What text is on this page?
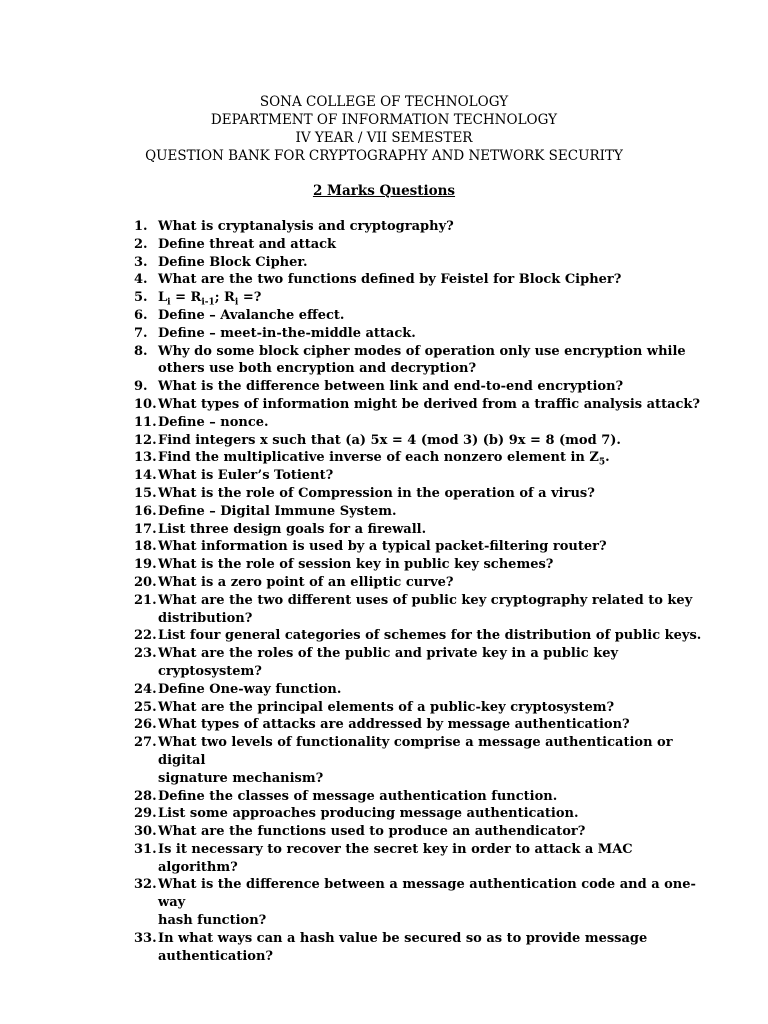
SONA COLLEGE OF TECHNOLOGY
DEPARTMENT OF INFORMATION TECHNOLOGY
IV YEAR / VII SEMESTER
QUESTION BANK FOR CRYPTOGRAPHY AND NETWORK SECURITY
2 Marks Questions
1. What is cryptanalysis and cryptography?
2. Define threat and attack
3. Define Block Cipher.
4. What are the two functions defined by Feistel for Block Cipher?
5. $L_i = R_{i-1}$; $R_i$ =?
6. Define – Avalanche effect.
7. Define – meet-in-the-middle attack.
8. Why do some block cipher modes of operation only use encryption while
others use both encryption and decryption?
9. What is the difference between link and end-to-end encryption?
10. What types of information might be derived from a traffic analysis attack?
11. Define – nonce.
12. Find integers x such that (a) 5x = 4 (mod 3) (b) 9x = 8 (mod 7).
13. Find the multiplicative inverse of each nonzero element in $Z_5$.
14. What is Euler’s Totient?
15. What is the role of Compression in the operation of a virus?
16. Define – Digital Immune System.
17. List three design goals for a firewall.
18. What information is used by a typical packet-filtering router?
19. What is the role of session key in public key schemes?
20. What is a zero point of an elliptic curve?
21. What are the two different uses of public key cryptography related to key
distribution?
22. List four general categories of schemes for the distribution of public keys.
23. What are the roles of the public and private key in a public key
cryptosystem?
24. Define One-way function.
25. What are the principal elements of a public-key cryptosystem?
26. What types of attacks are addressed by message authentication?
27. What two levels of functionality comprise a message authentication or digital
signature mechanism?
28. Define the classes of message authentication function.
29. List some approaches producing message authentication.
30. What are the functions used to produce an authendicator?
31. Is it necessary to recover the secret key in order to attack a MAC algorithm?
32. What is the difference between a message authentication code and a one-way
hash function?
33. In what ways can a hash value be secured so as to provide message
authentication?
